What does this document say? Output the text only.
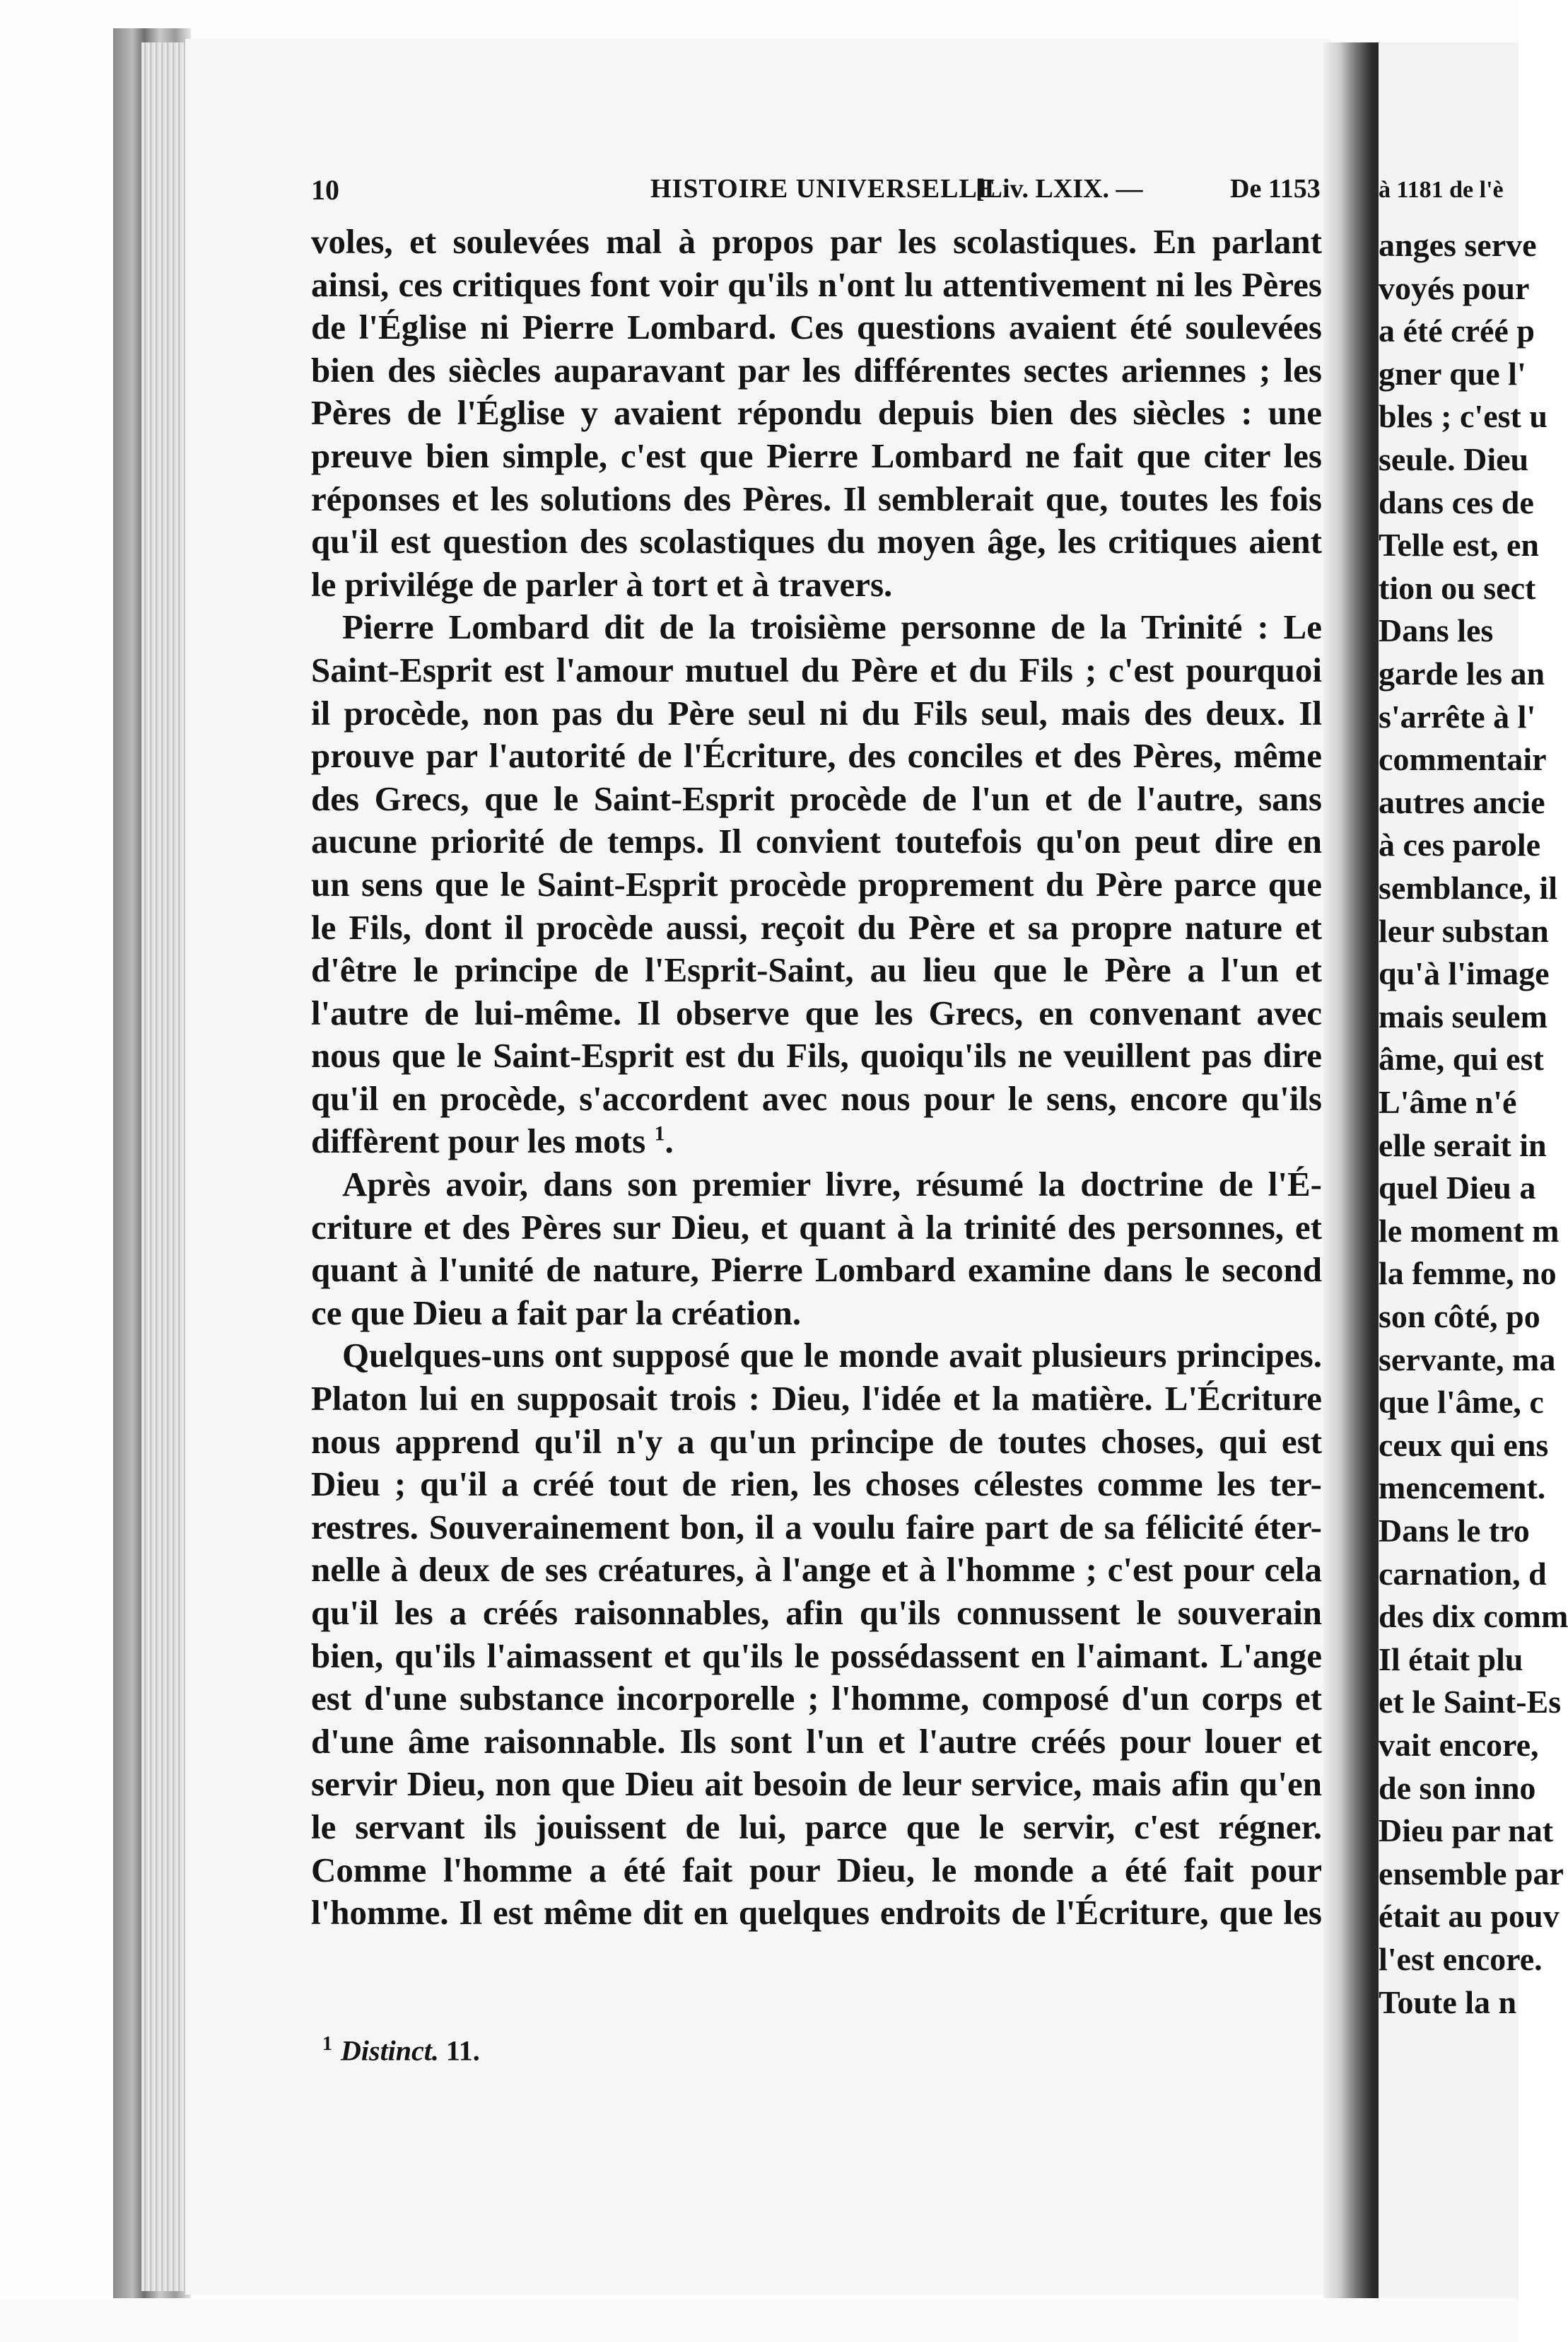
à 1181 de l'è
anges serve
voyés pour
a été créé p
gner que l'
bles ; c'est u
seule. Dieu
dans ces de
Telle est, en
tion ou sect
Dans les
garde les an
s'arrête à l'
commentair
autres ancie
à ces parole
semblance, il
leur substan
qu'à l'image
mais seulem
âme, qui est
L'âme n'é
elle serait in
quel Dieu a
le moment m
la femme, no
son côté, po
servante, ma
que l'âme, c
ceux qui ens
mencement.
Dans le tro
carnation, d
des dix comm
Il était plu
et le Saint-Es
vait encore,
de son inno
Dieu par nat
ensemble par
était au pouv
l'est encore.
Toute la n
10	HISTOIRE UNIVERSELLE
[Liv. LXIX. —	De 1153
voles, et soulevées mal à propos par les scolastiques. En parlant
ainsi, ces critiques font voir qu'ils n'ont lu attentivement ni les Pères
de l'Église ni Pierre Lombard. Ces questions avaient été soulevées
bien des siècles auparavant par les différentes sectes ariennes ; les
Pères de l'Église y avaient répondu depuis bien des siècles : une
preuve bien simple, c'est que Pierre Lombard ne fait que citer les
réponses et les solutions des Pères. Il semblerait que, toutes les fois
qu'il est question des scolastiques du moyen âge, les critiques aient
le privilége de parler à tort et à travers.
Pierre Lombard dit de la troisième personne de la Trinité : Le
Saint-Esprit est l'amour mutuel du Père et du Fils ; c'est pourquoi
il procède, non pas du Père seul ni du Fils seul, mais des deux. Il
prouve par l'autorité de l'Écriture, des conciles et des Pères, même
des Grecs, que le Saint-Esprit procède de l'un et de l'autre, sans
aucune priorité de temps. Il convient toutefois qu'on peut dire en
un sens que le Saint-Esprit procède proprement du Père parce que
le Fils, dont il procède aussi, reçoit du Père et sa propre nature et
d'être le principe de l'Esprit-Saint, au lieu que le Père a l'un et
l'autre de lui-même. Il observe que les Grecs, en convenant avec
nous que le Saint-Esprit est du Fils, quoiqu'ils ne veuillent pas dire
qu'il en procède, s'accordent avec nous pour le sens, encore qu'ils
diffèrent pour les mots $^1$.
Après avoir, dans son premier livre, résumé la doctrine de l'É-
criture et des Pères sur Dieu, et quant à la trinité des personnes, et
quant à l'unité de nature, Pierre Lombard examine dans le second
ce que Dieu a fait par la création.
Quelques-uns ont supposé que le monde avait plusieurs principes.
Platon lui en supposait trois : Dieu, l'idée et la matière. L'Écriture
nous apprend qu'il n'y a qu'un principe de toutes choses, qui est
Dieu ; qu'il a créé tout de rien, les choses célestes comme les ter-
restres. Souverainement bon, il a voulu faire part de sa félicité éter-
nelle à deux de ses créatures, à l'ange et à l'homme ; c'est pour cela
qu'il les a créés raisonnables, afin qu'ils connussent le souverain
bien, qu'ils l'aimassent et qu'ils le possédassent en l'aimant. L'ange
est d'une substance incorporelle ; l'homme, composé d'un corps et
d'une âme raisonnable. Ils sont l'un et l'autre créés pour louer et
servir Dieu, non que Dieu ait besoin de leur service, mais afin qu'en
le servant ils jouissent de lui, parce que le servir, c'est régner.
Comme l'homme a été fait pour Dieu, le monde a été fait pour
l'homme. Il est même dit en quelques endroits de l'Écriture, que les
$^1$ Distinct. 11.
